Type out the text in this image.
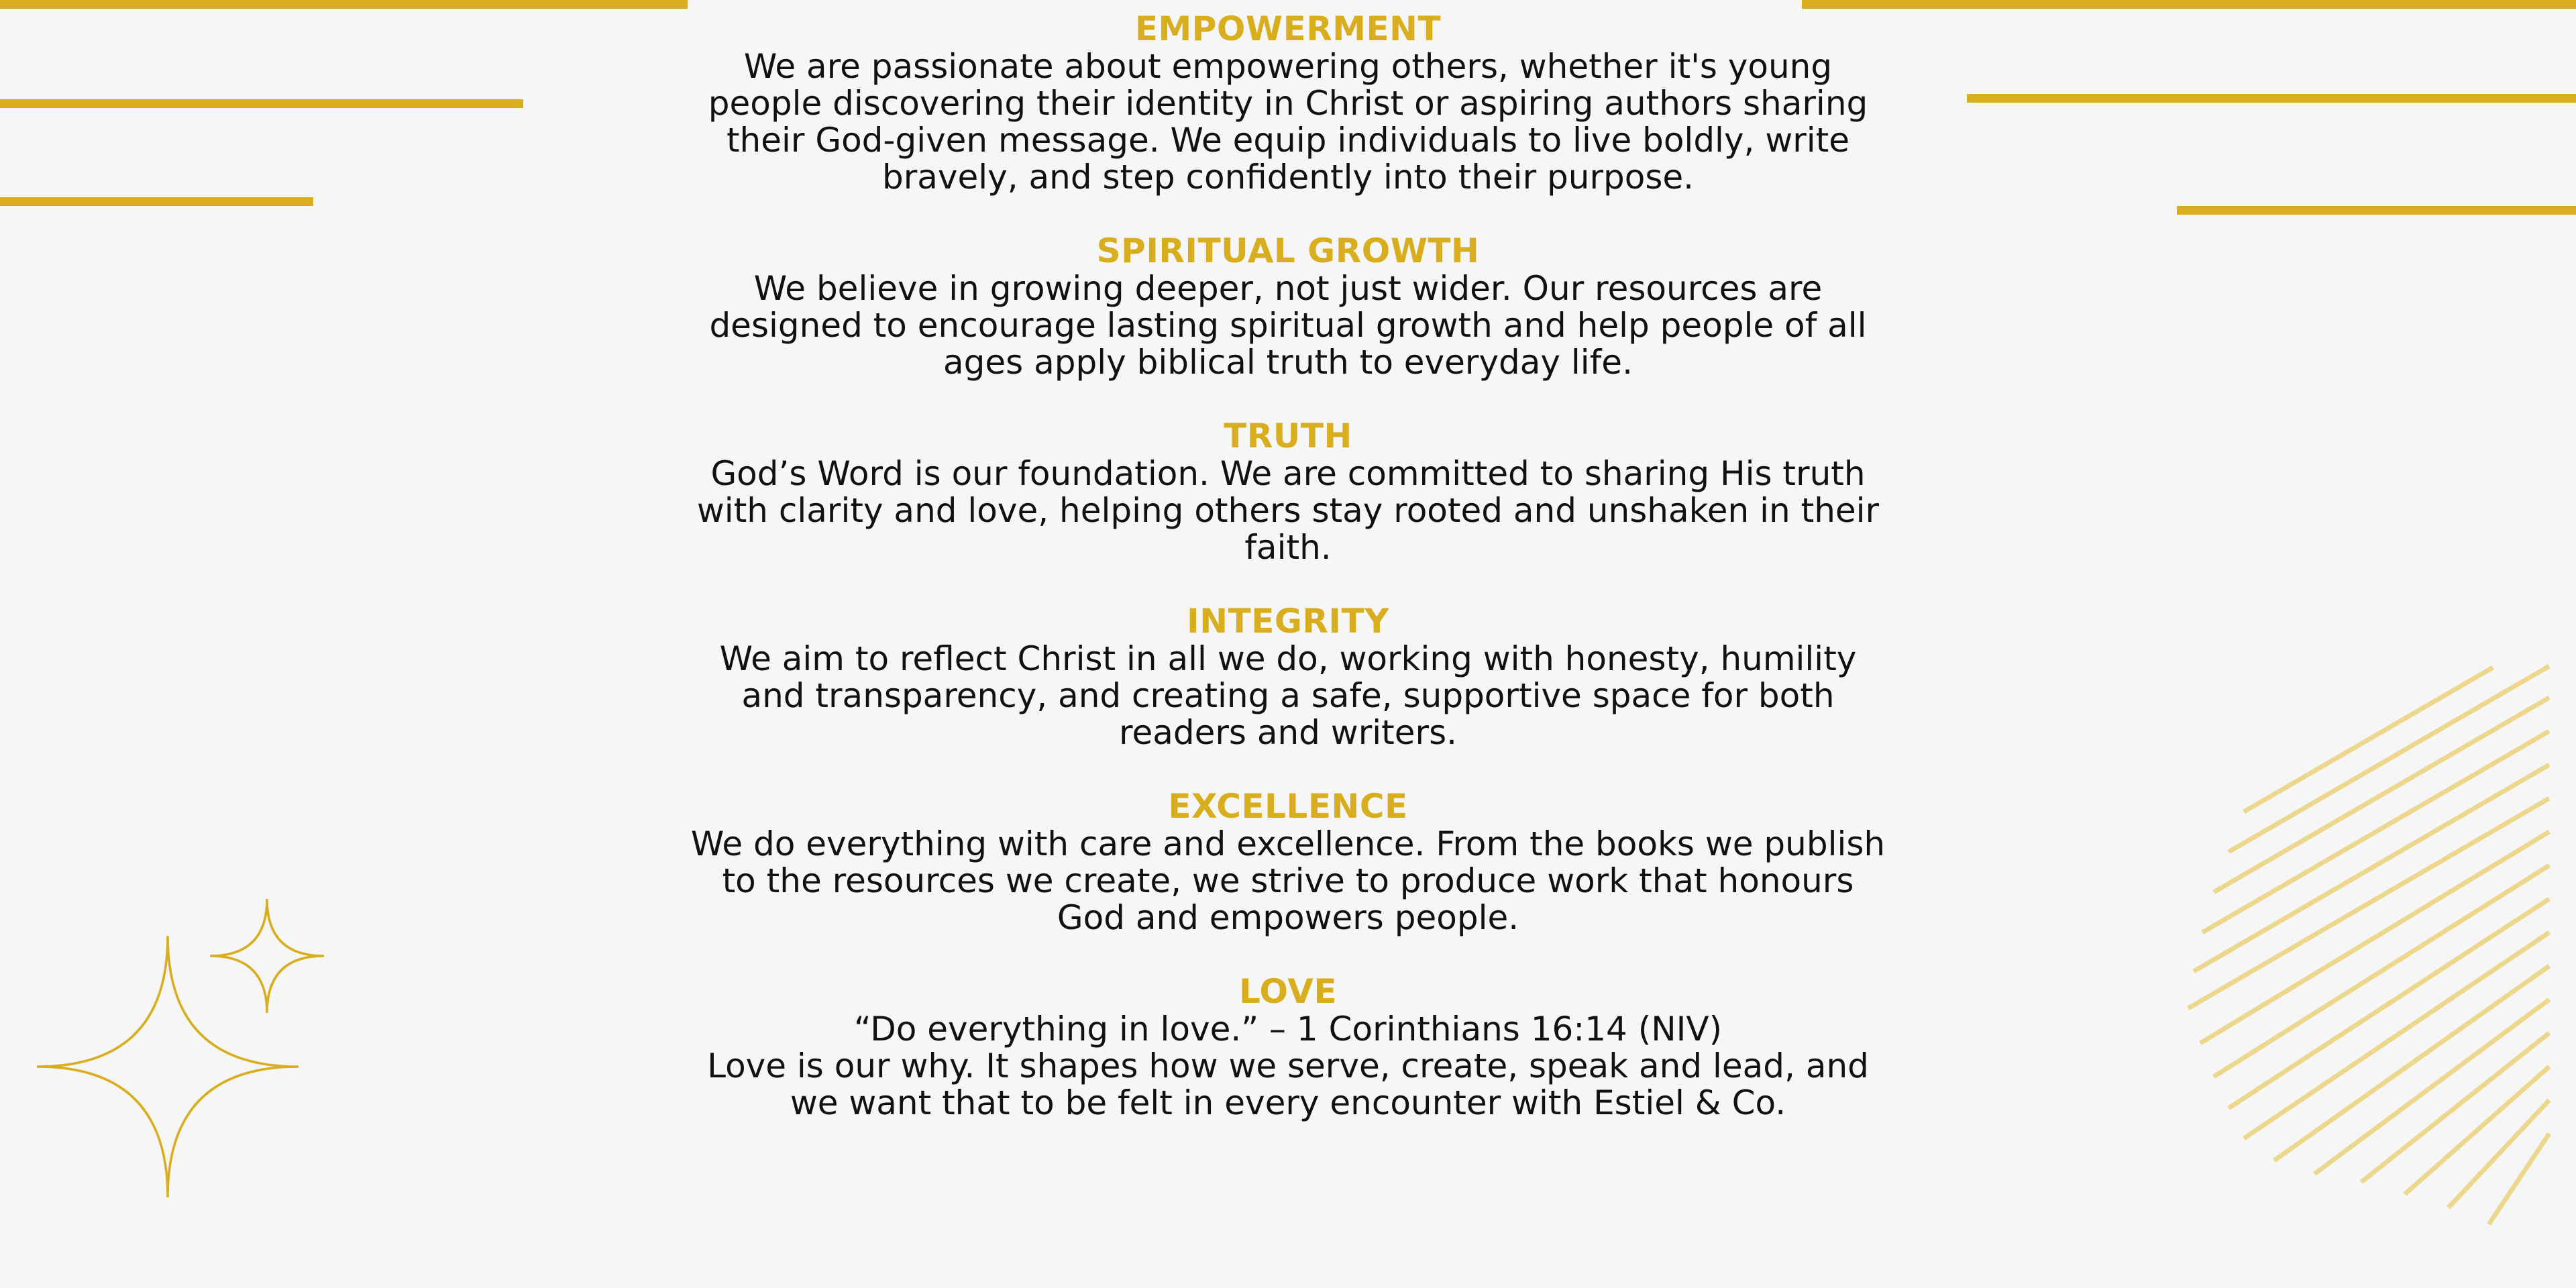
EMPOWERMENT

We are passionate about empowering others, whether it's young people discovering their identity in Christ or aspiring authors sharing their God-given message. We equip individuals to live boldly, write bravely, and step confidently into their purpose.

SPIRITUAL GROWTH

We believe in growing deeper, not just wider. Our resources are designed to encourage lasting spiritual growth and help people of all ages apply biblical truth to everyday life.

TRUTH

God’s Word is our foundation. We are committed to sharing His truth with clarity and love, helping others stay rooted and unshaken in their faith.

INTEGRITY

We aim to reflect Christ in all we do, working with honesty, humility and transparency, and creating a safe, supportive space for both readers and writers.

EXCELLENCE

We do everything with care and excellence. From the books we publish to the resources we create, we strive to produce work that honours God and empowers people.

LOVE

“Do everything in love.” – 1 Corinthians 16:14 (NIV)

Love is our why. It shapes how we serve, create, speak and lead, and we want that to be felt in every encounter with Estiel & Co.
